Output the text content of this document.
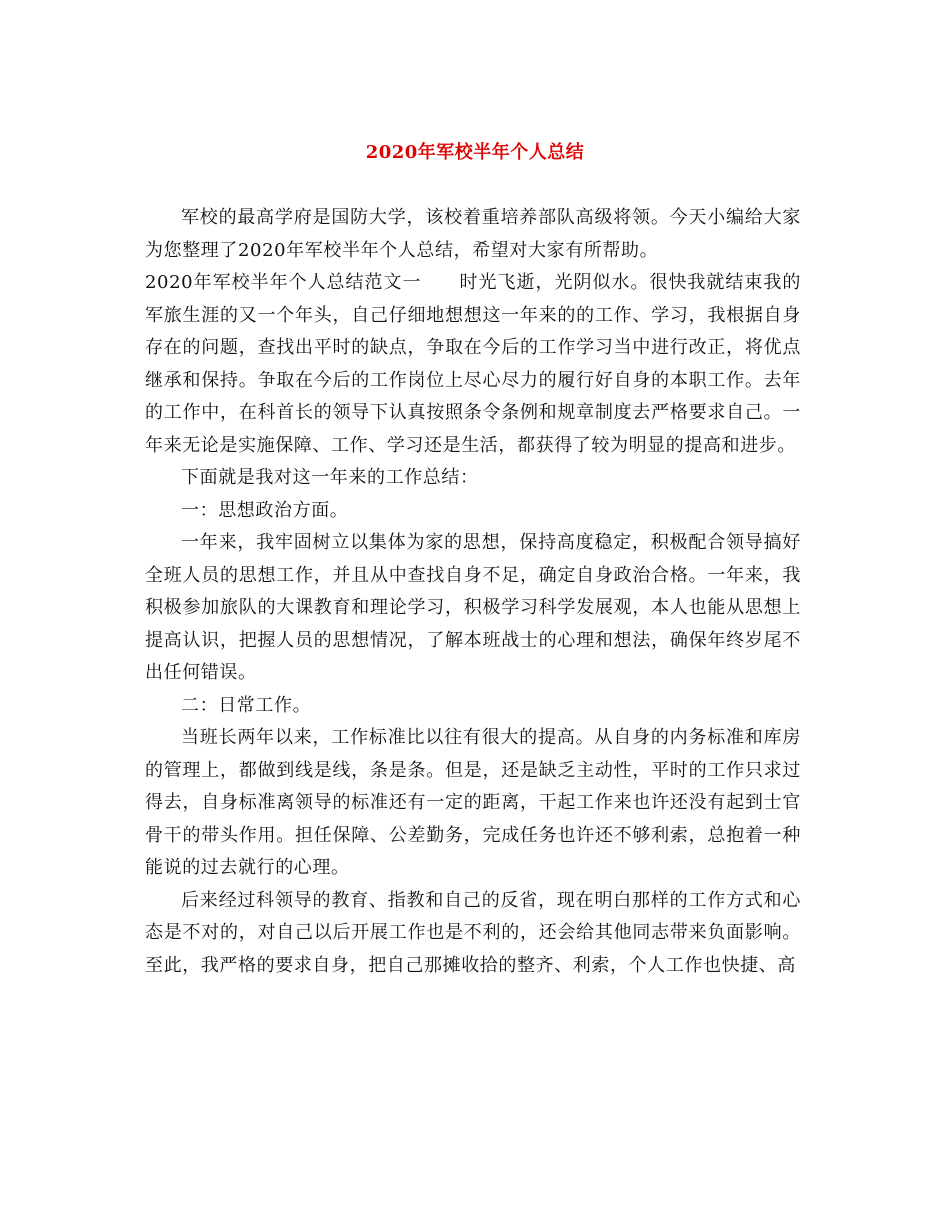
2020年军校半年个人总结

军校的最高学府是国防大学，该校着重培养部队高级将领。今天小编给大家为您整理了2020年军校半年个人总结，希望对大家有所帮助。

2020年军校半年个人总结范文一　　时光飞逝，光阴似水。很快我就结束我的军旅生涯的又一个年头，自己仔细地想想这一年来的的工作、学习，我根据自身存在的问题，查找出平时的缺点，争取在今后的工作学习当中进行改正，将优点继承和保持。争取在今后的工作岗位上尽心尽力的履行好自身的本职工作。去年的工作中，在科首长的领导下认真按照条令条例和规章制度去严格要求自己。一年来无论是实施保障、工作、学习还是生活，都获得了较为明显的提高和进步。

下面就是我对这一年来的工作总结：

一：思想政治方面。

一年来，我牢固树立以集体为家的思想，保持高度稳定，积极配合领导搞好全班人员的思想工作，并且从中查找自身不足，确定自身政治合格。一年来，我积极参加旅队的大课教育和理论学习，积极学习科学发展观，本人也能从思想上提高认识，把握人员的思想情况，了解本班战士的心理和想法，确保年终岁尾不出任何错误。

二：日常工作。

当班长两年以来，工作标准比以往有很大的提高。从自身的内务标准和库房的管理上，都做到线是线，条是条。但是，还是缺乏主动性，平时的工作只求过得去，自身标准离领导的标准还有一定的距离，干起工作来也许还没有起到士官骨干的带头作用。担任保障、公差勤务，完成任务也许还不够利索，总抱着一种能说的过去就行的心理。

后来经过科领导的教育、指教和自己的反省，现在明白那样的工作方式和心态是不对的，对自己以后开展工作也是不利的，还会给其他同志带来负面影响。至此，我严格的要求自身，把自己那摊收拾的整齐、利索，个人工作也快捷、高
